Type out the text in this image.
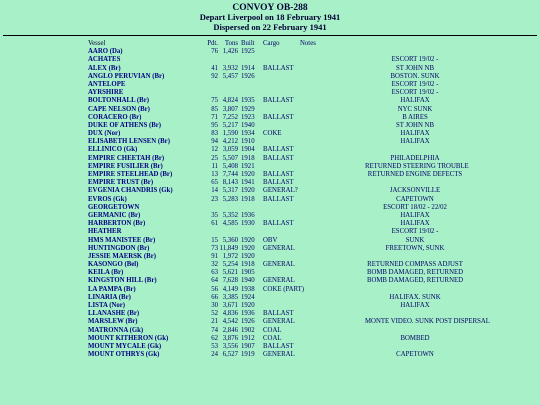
CONVOY OB-288
Depart Liverpool on 18 February 1941
Dispersed on 22 February 1941
Vessel	Pdt. Tons Built Cargo	Notes
AARO (Da)	76 1,426 1925
ACHATES	ESCORT 19/02 -
ALEX (Br)	41 3,932 1914 BALLAST	ST JOHN NB
ANGLO PERUVIAN (Br)	92 5,457 1926	BOSTON. SUNK
ANTELOPE	ESCORT 19/02 -
AYRSHIRE	ESCORT 19/02 -
BOLTONHALL (Br)	75 4,824 1935 BALLAST	HALIFAX
CAPE NELSON (Br)	85 3,807 1929	NYC SUNK
CORACERO (Br)	71 7,252 1923 BALLAST	B AIRES
DUKE OF ATHENS (Br)	95 5,217 1940	ST JOHN NB
DUX (Nor)	83 1,590 1934 COKE	HALIFAX
ELISABETH LENSEN (Br)	94 4,212 1910	HALIFAX
ELLINICO (Gk)	12 3,059 1904 BALLAST
EMPIRE CHEETAH (Br)	25 5,507 1918 BALLAST	PHILADELPHIA
EMPIRE FUSILIER (Br)	11 5,408 1921	RETURNED STEERING TROUBLE
EMPIRE STEELHEAD (Br)	13 7,744 1920 BALLAST	RETURNED ENGINE DEFECTS
EMPIRE TRUST (Br)	65 8,143 1941 BALLAST
EVGENIA CHANDRIS (Gk)	14 5,317 1920 GENERAL?	JACKSONVILLE
EVROS (Gk)	23 5,283 1918 BALLAST	CAPETOWN
GEORGETOWN	ESCORT 18/02 - 22/02
GERMANIC (Br)	35 5,352 1936	HALIFAX
HARBERTON (Br)	61 4,585 1930 BALLAST	HALIFAX
HEATHER	ESCORT 19/02 -
HMS MANISTEE (Br)	15 5,360 1920 OBV	SUNK
HUNTINGDON (Br)	73 11,849 1920 GENERAL	FREETOWN, SUNK
JESSIE MAERSK (Br)	91 1,972 1920
KASONGO (Bel)	32 5,254 1918 GENERAL	RETURNED COMPASS ADJUST
KEILA (Br)	63 5,621 1905	BOMB DAMAGED, RETURNED
KINGSTON HILL (Br)	64 7,628 1940 GENERAL	BOMB DAMAGED, RETURNED
LA PAMPA (Br)	56 4,149 1938 COKE (PART)
LINARIA (Br)	66 3,385 1924	HALIFAX. SUNK
LISTA (Nor)	30 3,671 1920	HALIFAX
LLANASHE (Br)	52 4,836 1936 BALLAST
MARSLEW (Br)	21 4,542 1926 GENERAL	MONTE VIDEO. SUNK POST DISPERSAL
MATRONNA (Gk)	74 2,846 1902 COAL
MOUNT KITHERON (Gk)	62 3,876 1912 COAL	BOMBED
MOUNT MYCALE (Gk)	53 3,556 1907 BALLAST
MOUNT OTHRYS (Gk)	24 6,527 1919 GENERAL	CAPETOWN
